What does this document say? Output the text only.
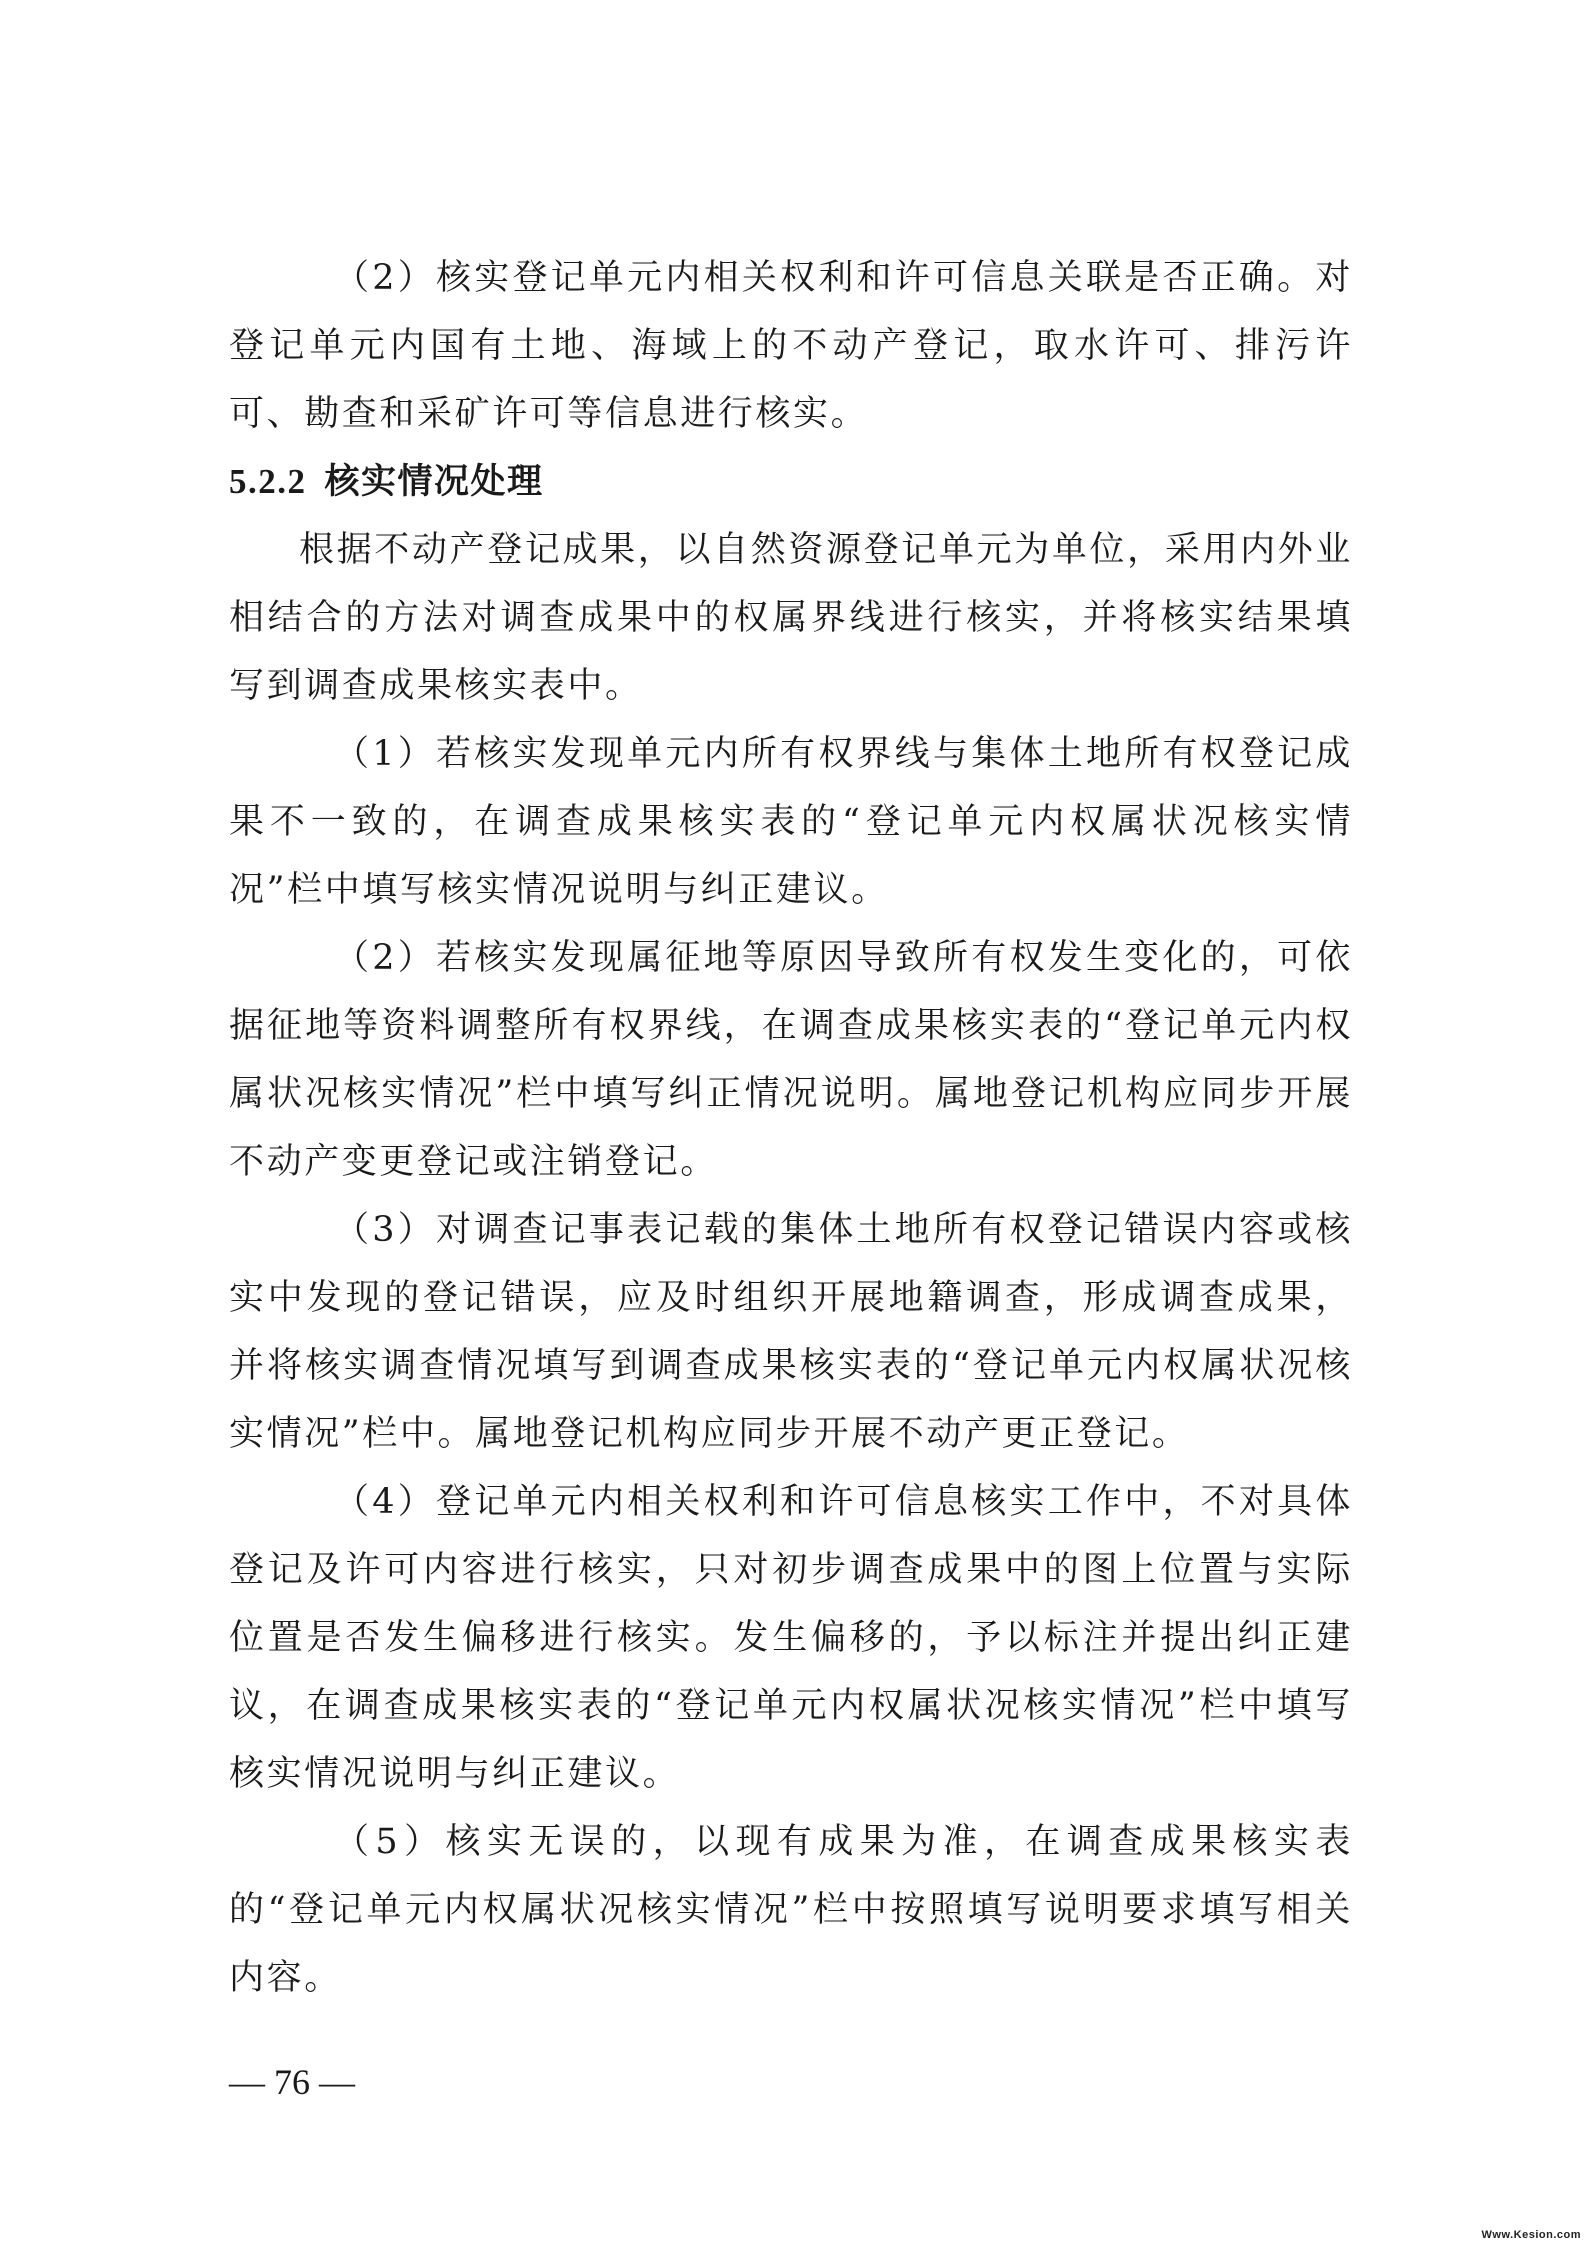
（2）核实登记单元内相关权利和许可信息关联是否正确。对登记单元内国有土地、海域上的不动产登记，取水许可、排污许可、勘查和采矿许可等信息进行核实。

5.2.2 核实情况处理

根据不动产登记成果，以自然资源登记单元为单位，采用内外业相结合的方法对调查成果中的权属界线进行核实，并将核实结果填写到调查成果核实表中。

（1）若核实发现单元内所有权界线与集体土地所有权登记成果不一致的，在调查成果核实表的“登记单元内权属状况核实情况”栏中填写核实情况说明与纠正建议。

（2）若核实发现属征地等原因导致所有权发生变化的，可依据征地等资料调整所有权界线，在调查成果核实表的“登记单元内权属状况核实情况”栏中填写纠正情况说明。属地登记机构应同步开展不动产变更登记或注销登记。

（3）对调查记事表记载的集体土地所有权登记错误内容或核实中发现的登记错误，应及时组织开展地籍调查，形成调查成果，并将核实调查情况填写到调查成果核实表的“登记单元内权属状况核实情况”栏中。属地登记机构应同步开展不动产更正登记。

（4）登记单元内相关权利和许可信息核实工作中，不对具体登记及许可内容进行核实，只对初步调查成果中的图上位置与实际位置是否发生偏移进行核实。发生偏移的，予以标注并提出纠正建议，在调查成果核实表的“登记单元内权属状况核实情况”栏中填写核实情况说明与纠正建议。

（5）核实无误的，以现有成果为准，在调查成果核实表的“登记单元内权属状况核实情况”栏中按照填写说明要求填写相关内容。

— 76 —
Www.Kesion.com
